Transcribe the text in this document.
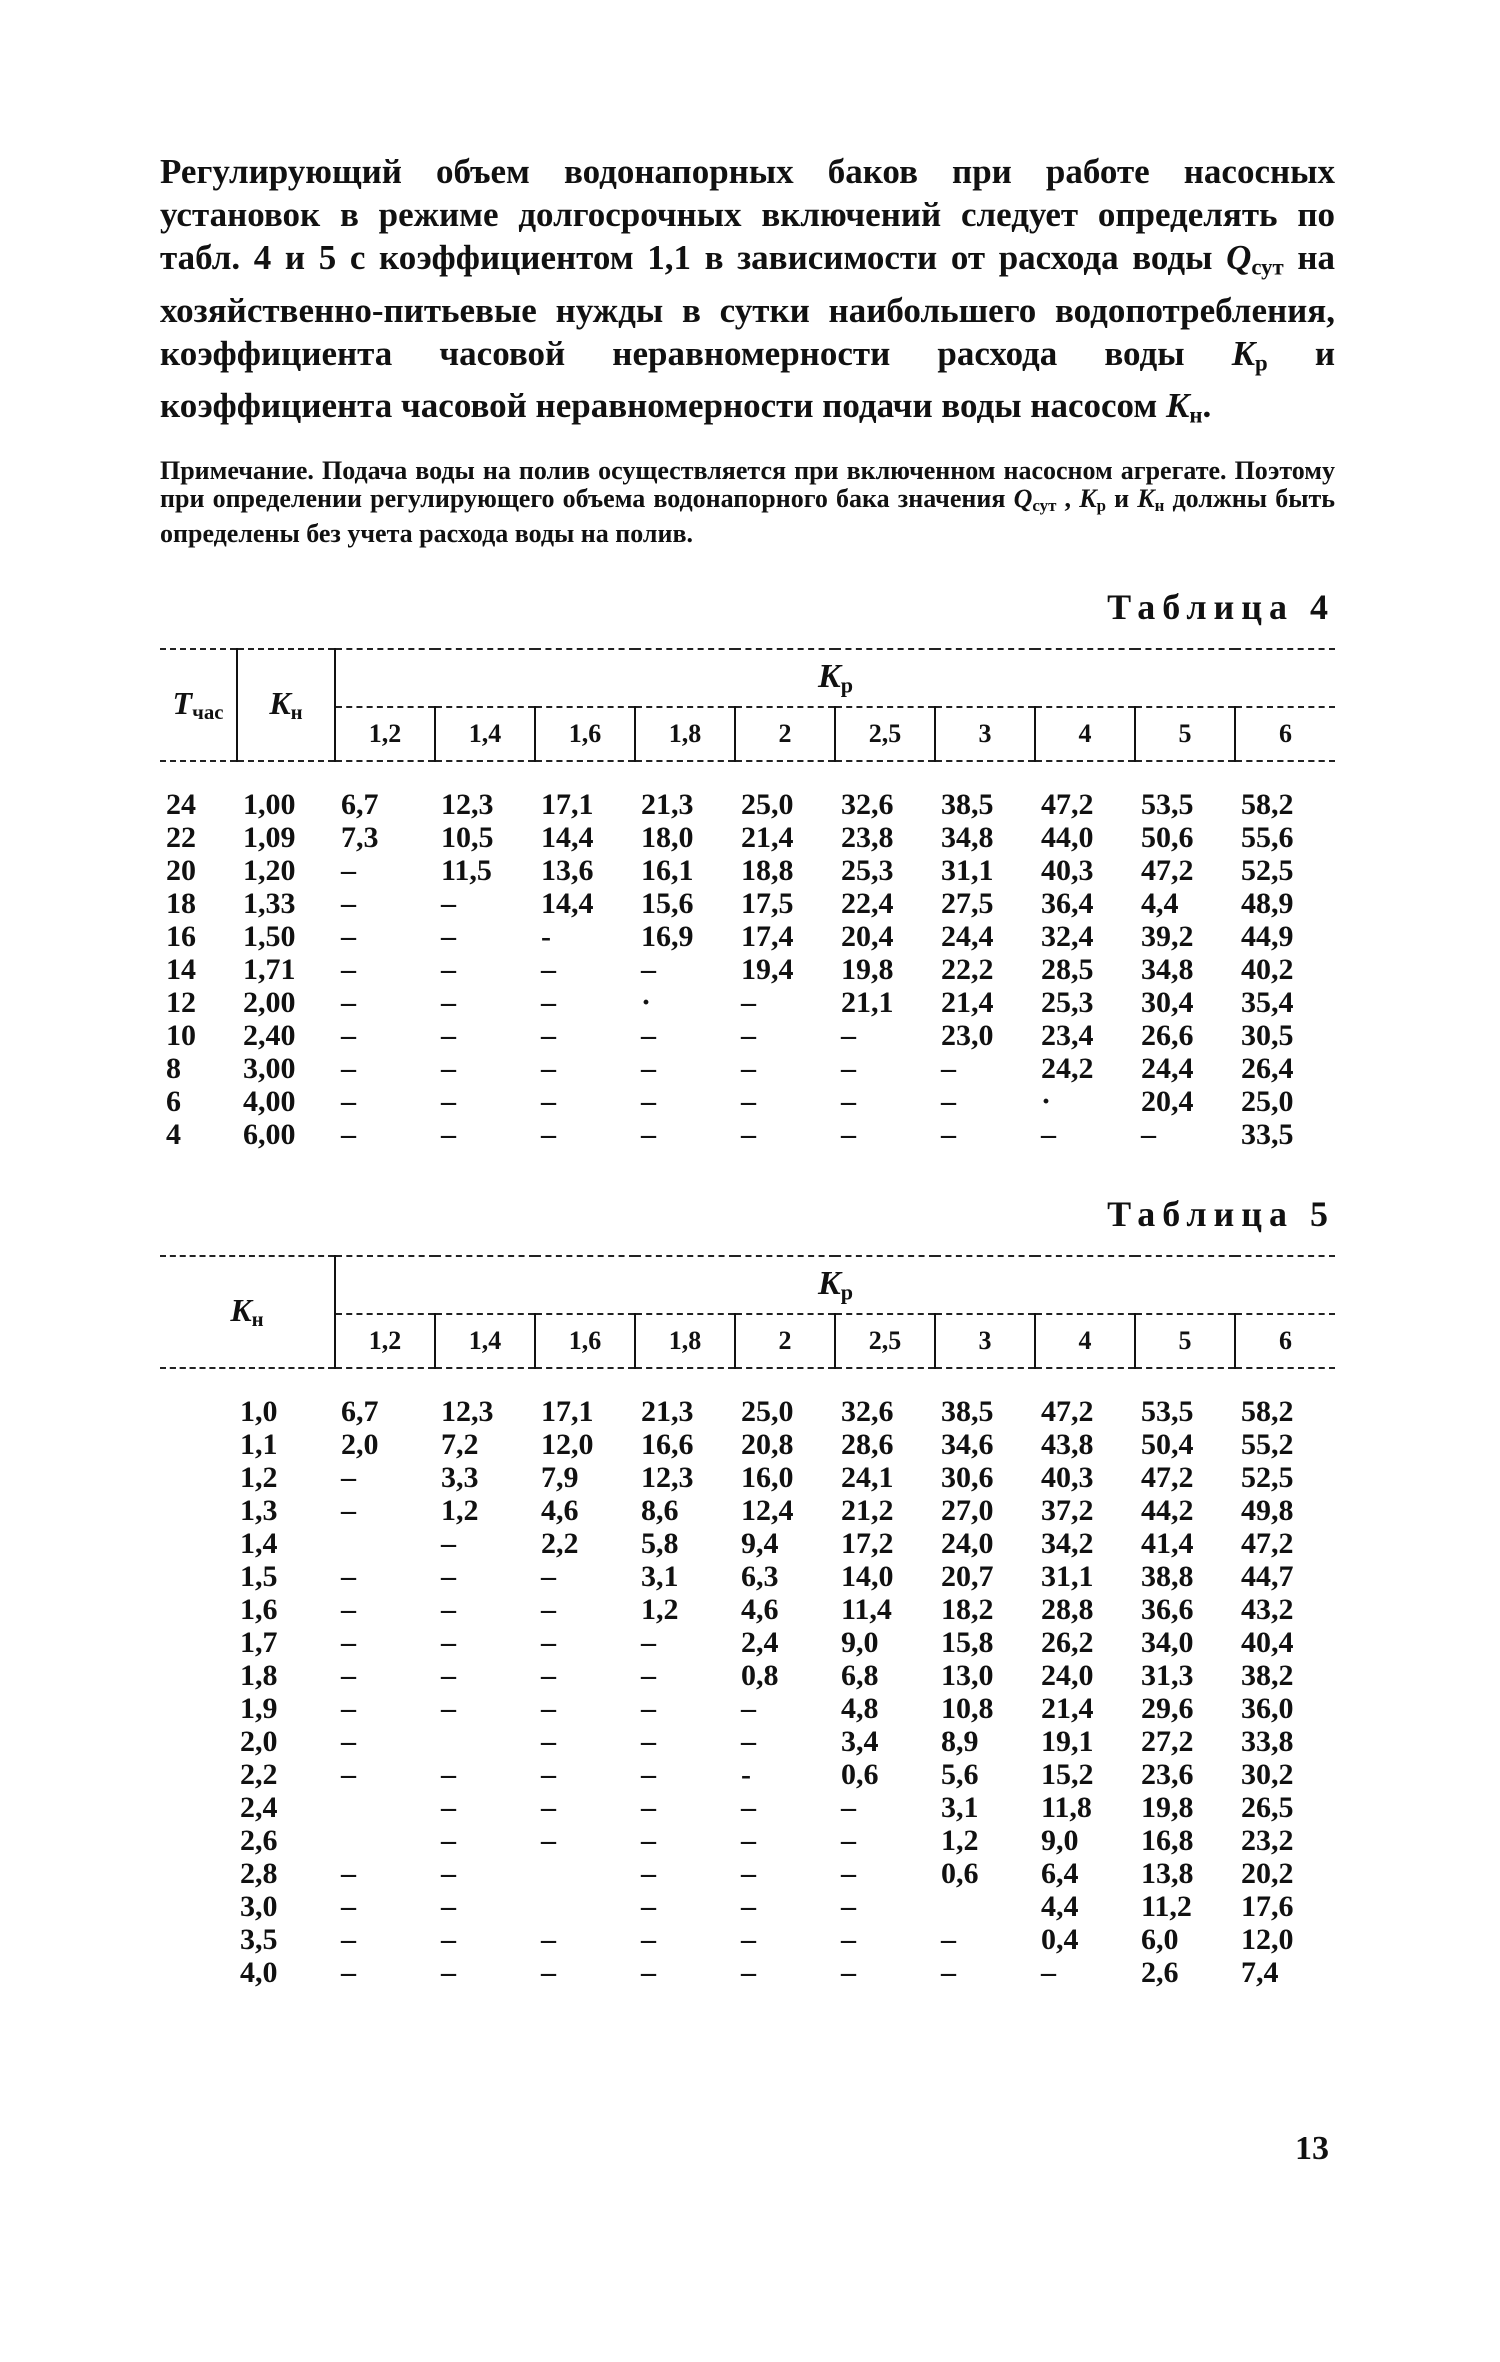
Регулирующий объем водонапорных баков при работе насосных установок в режиме долгосрочных включений следует определять по табл. 4 и 5 с коэффициентом 1,1 в зависимости от расхода воды $Q_{сут}$ на хозяйственно-питьевые нужды в сутки наибольшего водопотребления, коэффициента часовой неравномерности расхода воды $K_р$ и коэффициента часовой неравномерности подачи воды насосом $K_н$.

Примечание. Подача воды на полив осуществляется при включенном насосном агрегате. Поэтому при определении регулирующего объема водонапорного бака значения $Q_{сут}$ , $K_р$ и $K_н$ должны быть определены без учета расхода воды на полив.

Таблица 4
$T_{час}$	$K_н$	$K_р$
		1,2	1,4	1,6	1,8	2	2,5	3	4	5	6
24	1,00	6,7	12,3	17,1	21,3	25,0	32,6	38,5	47,2	53,5	58,2
22	1,09	7,3	10,5	14,4	18,0	21,4	23,8	34,8	44,0	50,6	55,6
20	1,20	–	11,5	13,6	16,1	18,8	25,3	31,1	40,3	47,2	52,5
18	1,33	–	–	14,4	15,6	17,5	22,4	27,5	36,4	4,4	48,9
16	1,50	–	–	-	16,9	17,4	20,4	24,4	32,4	39,2	44,9
14	1,71	–	–	–	–	19,4	19,8	22,2	28,5	34,8	40,2
12	2,00	–	–	–	·	–	21,1	21,4	25,3	30,4	35,4
10	2,40	–	–	–	–	–	–	23,0	23,4	26,6	30,5
8	3,00	–	–	–	–	–	–	–	24,2	24,4	26,4
6	4,00	–	–	–	–	–	–	–	·	20,4	25,0
4	6,00	–	–	–	–	–	–	–	–	–	33,5
Таблица 5
$K_н$	$K_р$
	1,2	1,4	1,6	1,8	2	2,5	3	4	5	6
1,0	6,7	12,3	17,1	21,3	25,0	32,6	38,5	47,2	53,5	58,2
1,1	2,0	7,2	12,0	16,6	20,8	28,6	34,6	43,8	50,4	55,2
1,2	–	3,3	7,9	12,3	16,0	24,1	30,6	40,3	47,2	52,5
1,3	–	1,2	4,6	8,6	12,4	21,2	27,0	37,2	44,2	49,8
1,4		–	2,2	5,8	9,4	17,2	24,0	34,2	41,4	47,2
1,5	–	–	–	3,1	6,3	14,0	20,7	31,1	38,8	44,7
1,6	–	–	–	1,2	4,6	11,4	18,2	28,8	36,6	43,2
1,7	–	–	–	–	2,4	9,0	15,8	26,2	34,0	40,4
1,8	–	–	–	–	0,8	6,8	13,0	24,0	31,3	38,2
1,9	–	–	–	–	–	4,8	10,8	21,4	29,6	36,0
2,0	–		–	–	–	3,4	8,9	19,1	27,2	33,8
2,2	–	–	–	–	-	0,6	5,6	15,2	23,6	30,2
2,4		–	–	–	–	–	3,1	11,8	19,8	26,5
2,6		–	–	–	–	–	1,2	9,0	16,8	23,2
2,8	–	–		–	–	–	0,6	6,4	13,8	20,2
3,0	–	–		–	–	–		4,4	11,2	17,6
3,5	–	–	–	–	–	–	–	0,4	6,0	12,0
4,0	–	–	–	–	–	–	–	–	2,6	7,4
13
